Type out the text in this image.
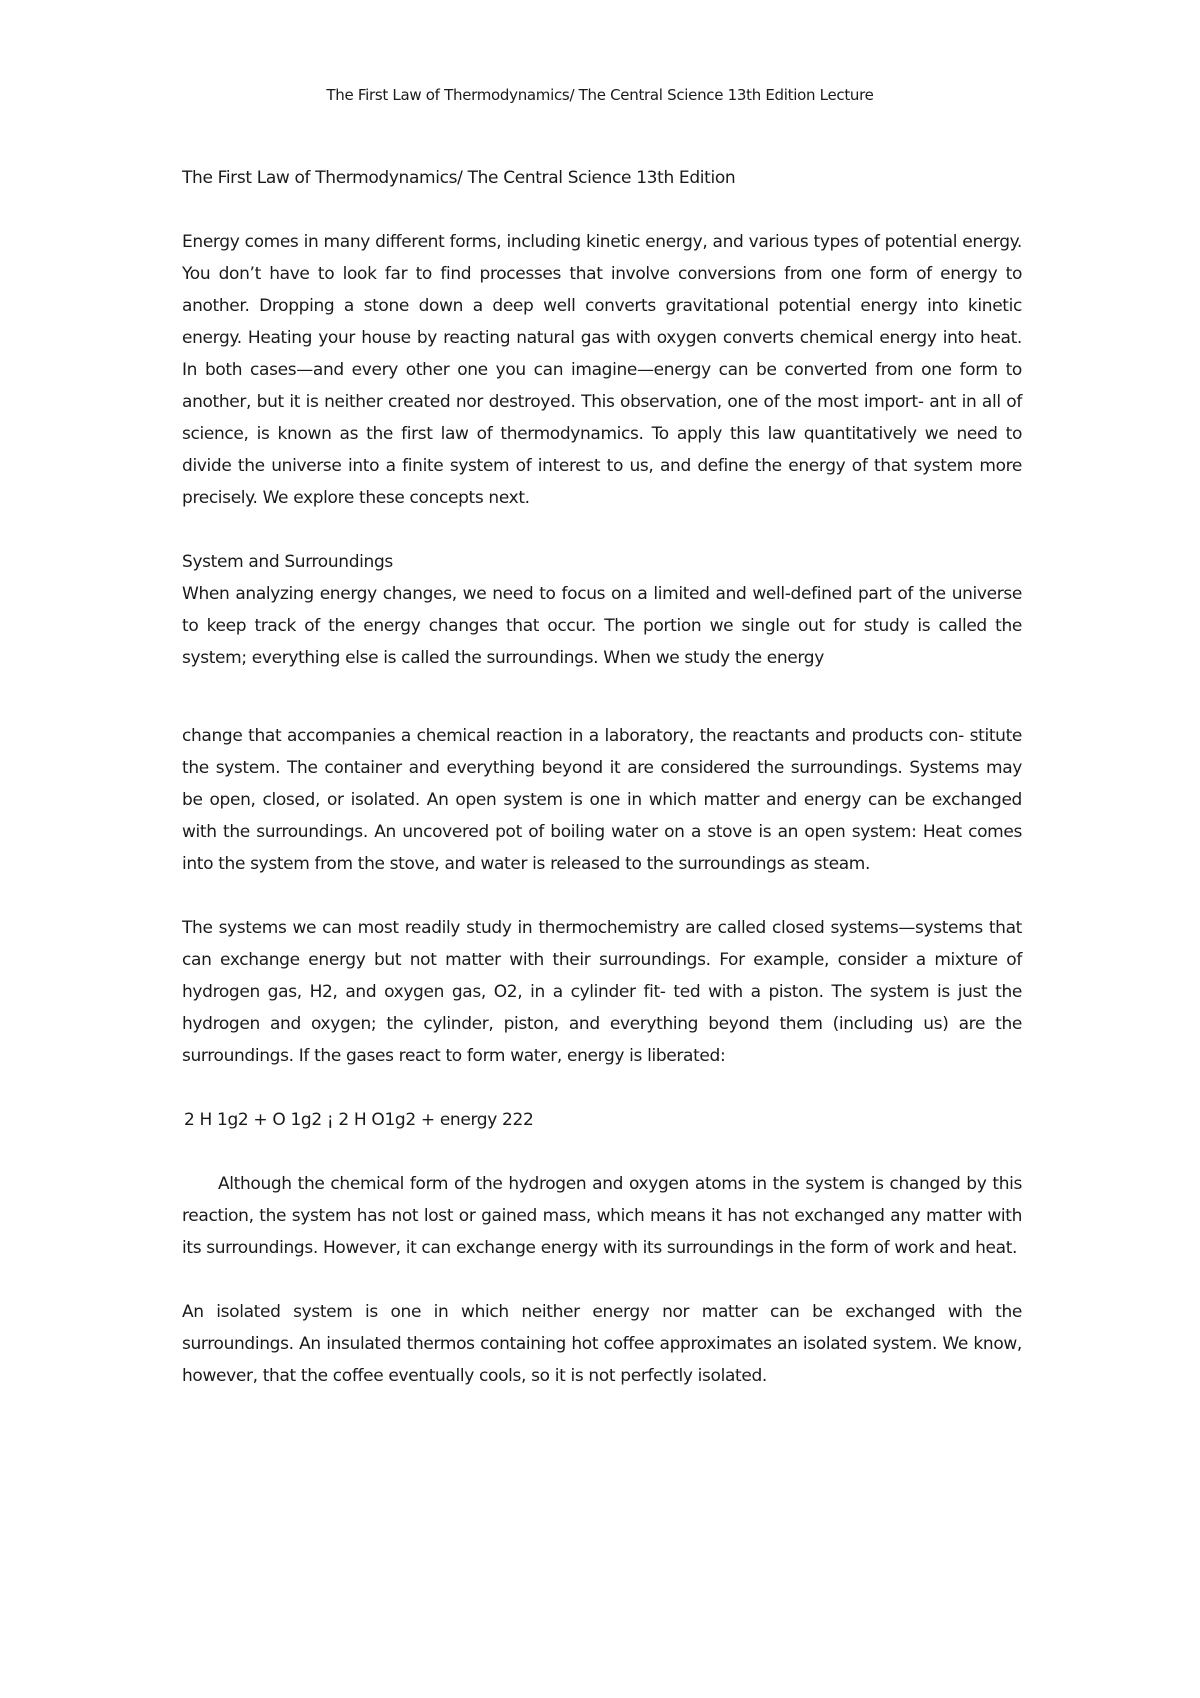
The First Law of Thermodynamics/ The Central Science 13th Edition Lecture

The First Law of Thermodynamics/ The Central Science 13th Edition

Energy comes in many different forms, including kinetic energy, and various types of potential energy. You don’t have to look far to find processes that involve conversions from one form of energy to another. Dropping a stone down a deep well converts gravitational potential energy into kinetic energy. Heating your house by reacting natural gas with oxygen converts chemical energy into heat. In both cases—and every other one you can imagine—energy can be converted from one form to another, but it is neither created nor destroyed. This observation, one of the most import- ant in all of science, is known as the first law of thermodynamics. To apply this law quantitatively we need to divide the universe into a finite system of interest to us, and define the energy of that system more precisely. We explore these concepts next.

System and Surroundings

When analyzing energy changes, we need to focus on a limited and well-defined part of the universe to keep track of the energy changes that occur. The portion we single out for study is called the system; everything else is called the surroundings. When we study the energy

change that accompanies a chemical reaction in a laboratory, the reactants and products con- stitute the system. The container and everything beyond it are considered the surroundings. Systems may be open, closed, or isolated. An open system is one in which matter and energy can be exchanged with the surroundings. An uncovered pot of boiling water on a stove is an open system: Heat comes into the system from the stove, and water is released to the surroundings as steam.

The systems we can most readily study in thermochemistry are called closed systems—systems that can exchange energy but not matter with their surroundings. For example, consider a mixture of hydrogen gas, H2, and oxygen gas, O2, in a cylinder fit- ted with a piston. The system is just the hydrogen and oxygen; the cylinder, piston, and everything beyond them (including us) are the surroundings. If the gases react to form water, energy is liberated:

2 H 1g2 + O 1g2 ¡ 2 H O1g2 + energy 222

Although the chemical form of the hydrogen and oxygen atoms in the system is changed by this reaction, the system has not lost or gained mass, which means it has not exchanged any matter with its surroundings. However, it can exchange energy with its surroundings in the form of work and heat.

An isolated system is one in which neither energy nor matter can be exchanged with the surroundings. An insulated thermos containing hot coffee approximates an isolated system. We know, however, that the coffee eventually cools, so it is not perfectly isolated.
